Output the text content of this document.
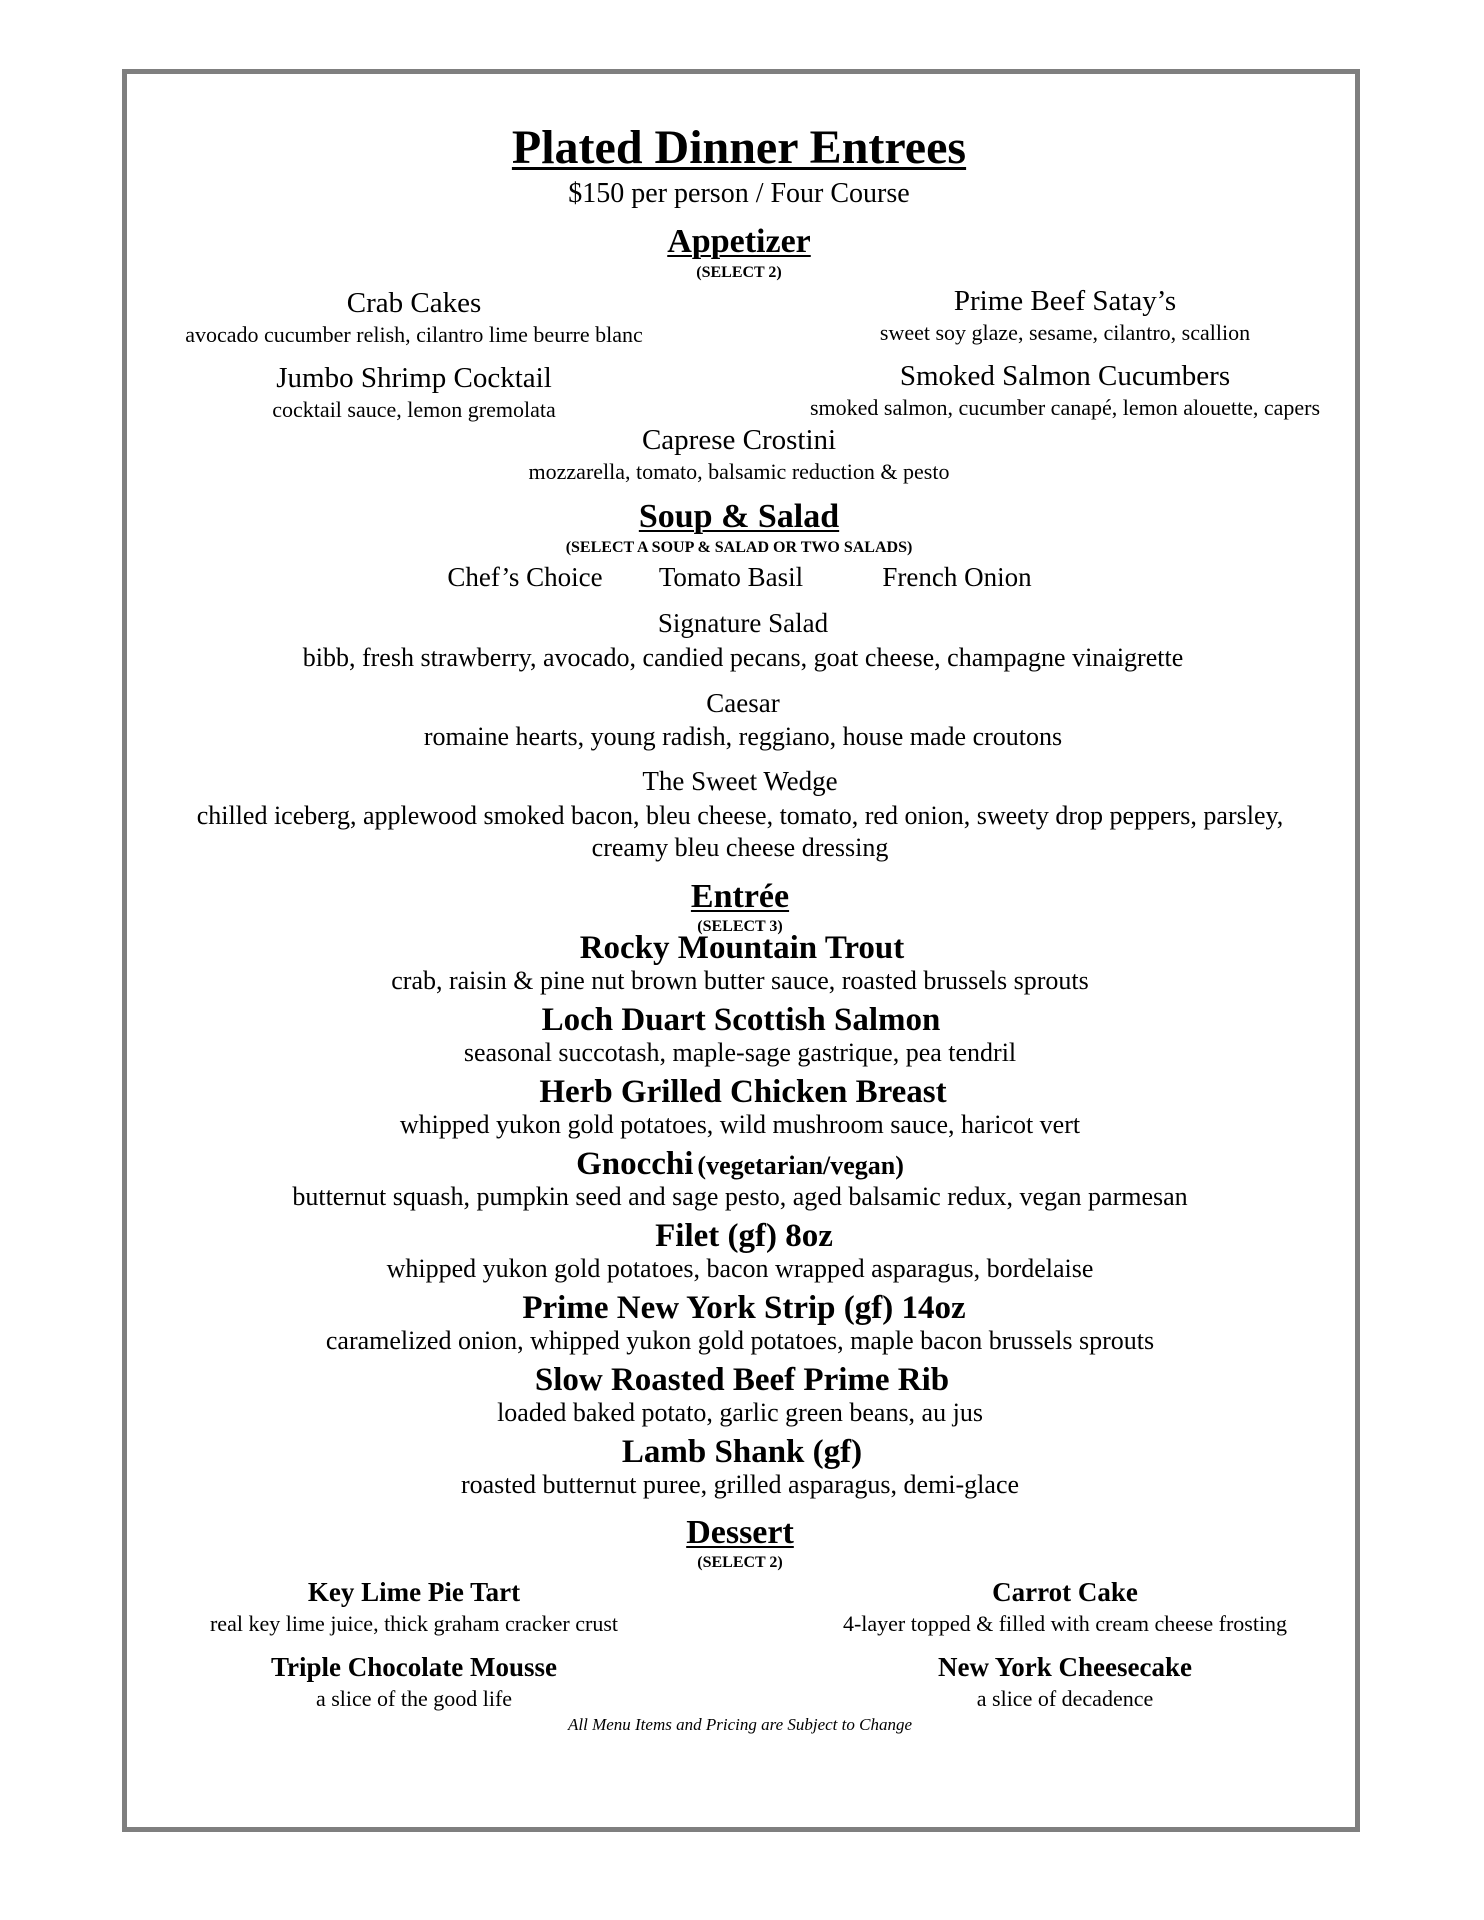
Plated Dinner Entrees
$150 per person / Four Course
Appetizer
(SELECT 2)
Crab Cakes
avocado cucumber relish, cilantro lime beurre blanc
Prime Beef Satay’s
sweet soy glaze, sesame, cilantro, scallion
Jumbo Shrimp Cocktail
cocktail sauce, lemon gremolata
Smoked Salmon Cucumbers
smoked salmon, cucumber canapé, lemon alouette, capers
Caprese Crostini
mozzarella, tomato, balsamic reduction & pesto
Soup & Salad
(SELECT A SOUP & SALAD OR TWO SALADS)
Chef’s Choice Tomato Basil	French Onion
Signature Salad
bibb, fresh strawberry, avocado, candied pecans, goat cheese, champagne vinaigrette
Caesar
romaine hearts, young radish, reggiano, house made croutons
The Sweet Wedge
chilled iceberg, applewood smoked bacon, bleu cheese, tomato, red onion, sweety drop peppers, parsley,
creamy bleu cheese dressing
Entrée
(SELECT 3)
Rocky Mountain Trout
crab, raisin & pine nut brown butter sauce, roasted brussels sprouts
Loch Duart Scottish Salmon
seasonal succotash, maple-sage gastrique, pea tendril
Herb Grilled Chicken Breast
whipped yukon gold potatoes, wild mushroom sauce, haricot vert
Gnocchi (vegetarian/vegan)
butternut squash, pumpkin seed and sage pesto, aged balsamic redux, vegan parmesan
Filet (gf) 8oz
whipped yukon gold potatoes, bacon wrapped asparagus, bordelaise
Prime New York Strip (gf) 14oz
caramelized onion, whipped yukon gold potatoes, maple bacon brussels sprouts
Slow Roasted Beef Prime Rib
loaded baked potato, garlic green beans, au jus
Lamb Shank (gf)
roasted butternut puree, grilled asparagus, demi-glace
Dessert
(SELECT 2)
Key Lime Pie Tart
real key lime juice, thick graham cracker crust
Carrot Cake
4-layer topped & filled with cream cheese frosting
Triple Chocolate Mousse
a slice of the good life
New York Cheesecake
a slice of decadence
All Menu Items and Pricing are Subject to Change
